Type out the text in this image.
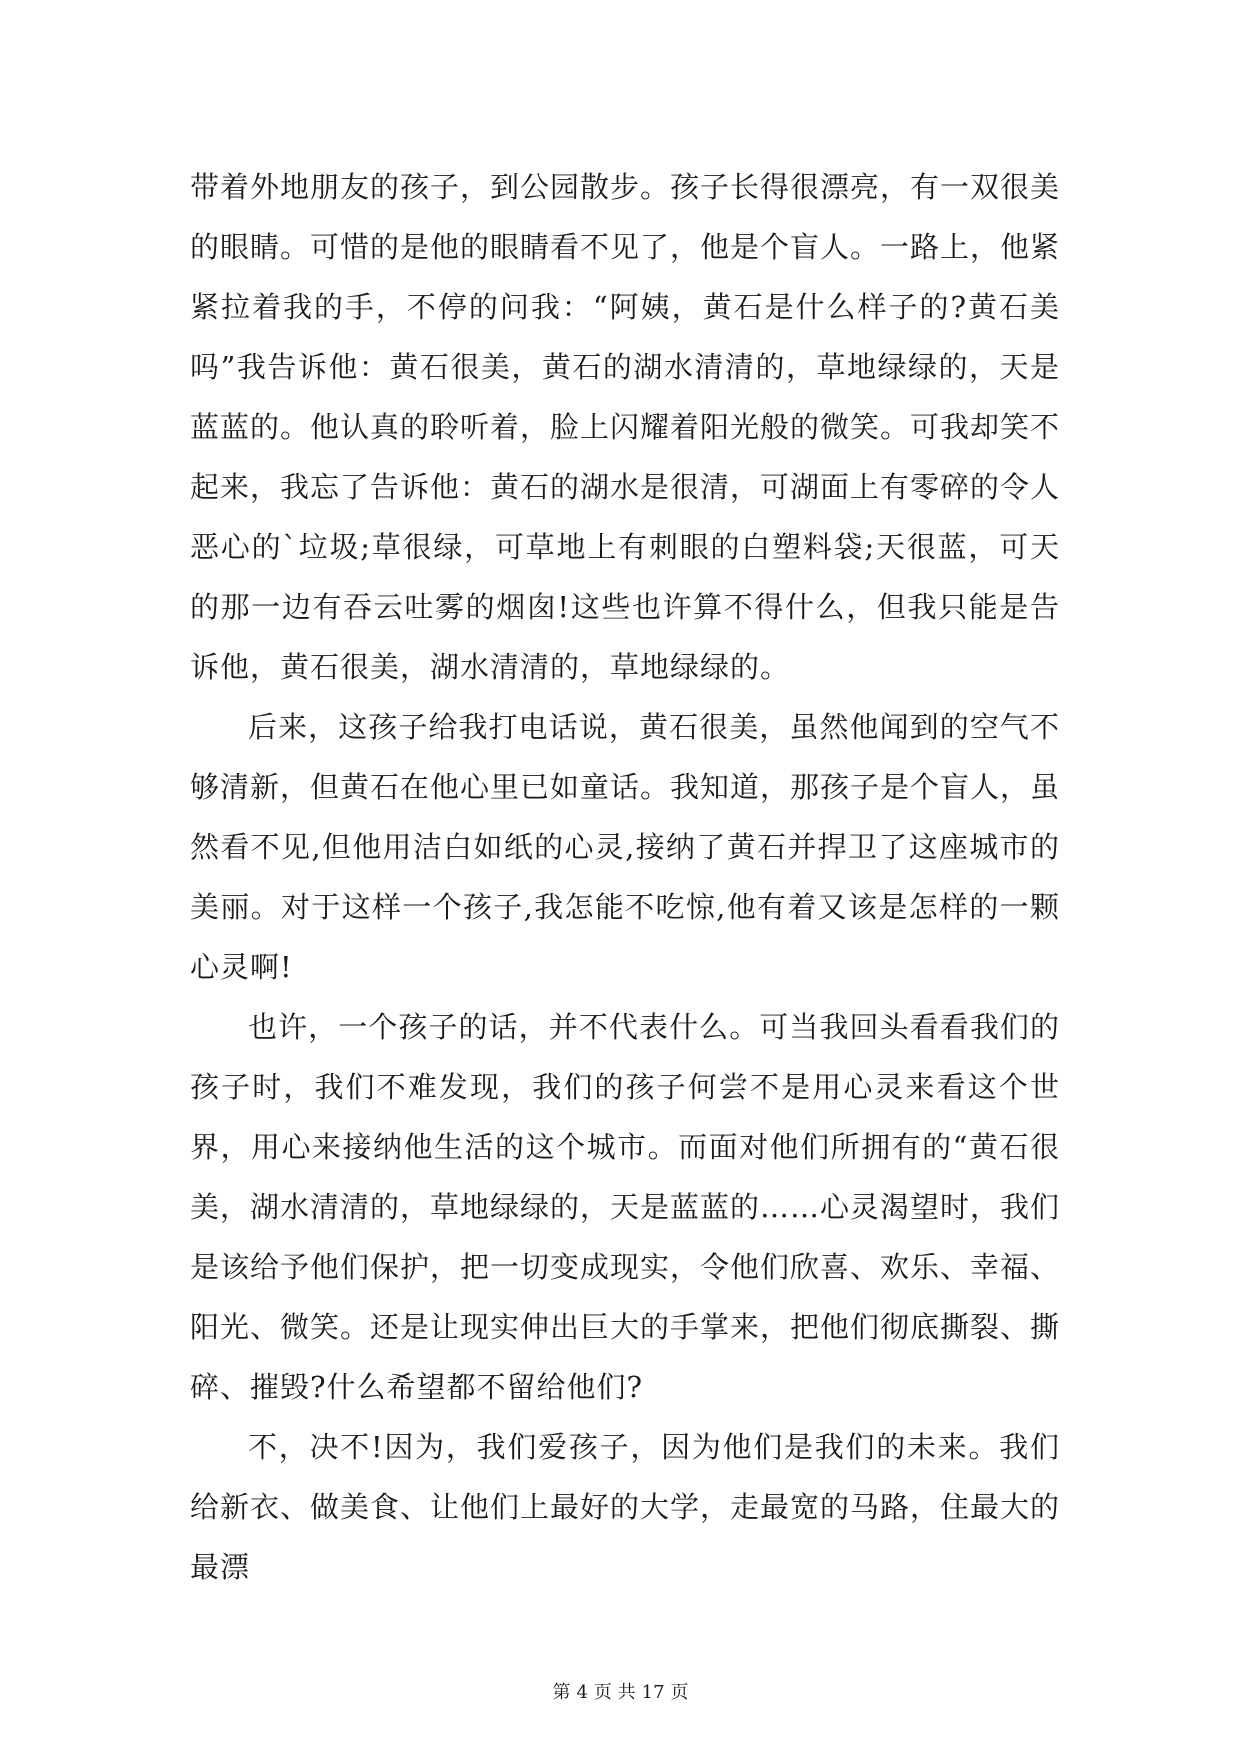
带着外地朋友的孩子，到公园散步。孩子长得很漂亮，有一双很美的眼睛。可惜的是他的眼睛看不见了，他是个盲人。一路上，他紧紧拉着我的手，不停的问我：“阿姨，黄石是什么样子的?黄石美吗”我告诉他：黄石很美，黄石的湖水清清的，草地绿绿的，天是蓝蓝的。他认真的聆听着，脸上闪耀着阳光般的微笑。可我却笑不起来，我忘了告诉他：黄石的湖水是很清，可湖面上有零碎的令人恶心的`垃圾;草很绿，可草地上有刺眼的白塑料袋;天很蓝，可天的那一边有吞云吐雾的烟囱!这些也许算不得什么，但我只能是告诉他，黄石很美，湖水清清的，草地绿绿的。

后来，这孩子给我打电话说，黄石很美，虽然他闻到的空气不够清新，但黄石在他心里已如童话。我知道，那孩子是个盲人，虽然看不见,但他用洁白如纸的心灵,接纳了黄石并捍卫了这座城市的美丽。对于这样一个孩子,我怎能不吃惊,他有着又该是怎样的一颗心灵啊!

也许，一个孩子的话，并不代表什么。可当我回头看看我们的孩子时，我们不难发现，我们的孩子何尝不是用心灵来看这个世界，用心来接纳他生活的这个城市。而面对他们所拥有的“黄石很美，湖水清清的，草地绿绿的，天是蓝蓝的……心灵渴望时，我们是该给予他们保护，把一切变成现实，令他们欣喜、欢乐、幸福、阳光、微笑。还是让现实伸出巨大的手掌来，把他们彻底撕裂、撕碎、摧毁?什么希望都不留给他们?

不，决不!因为，我们爱孩子，因为他们是我们的未来。我们给新衣、做美食、让他们上最好的大学，走最宽的马路，住最大的最漂

第 4 页 共 17 页
